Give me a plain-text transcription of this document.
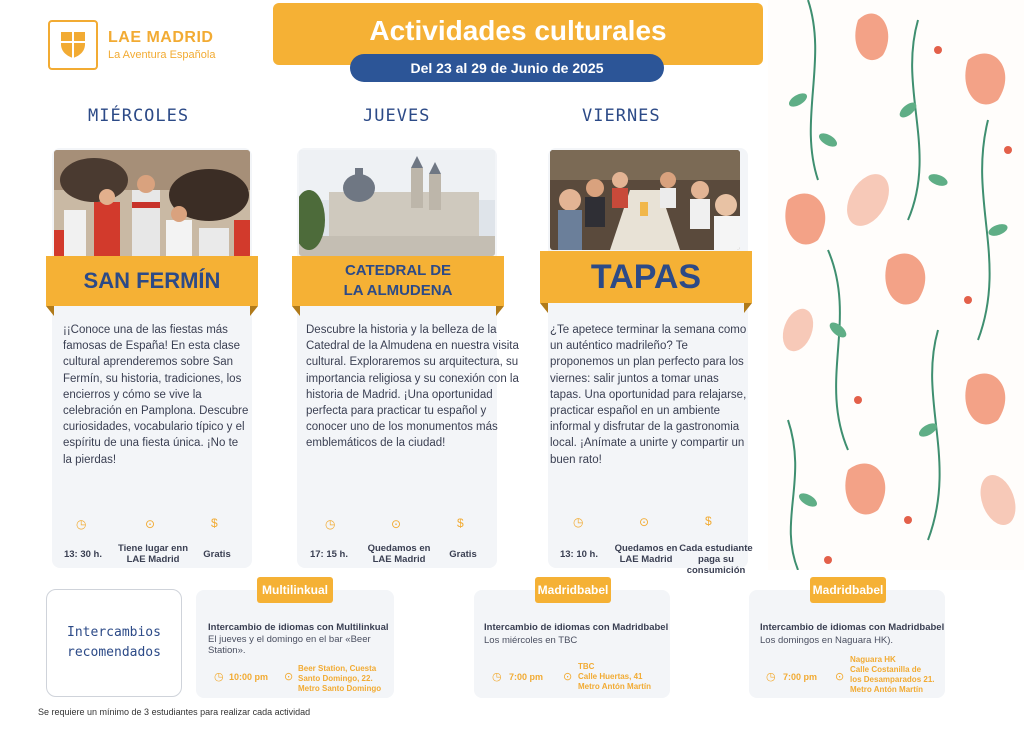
LAE MADRID
La Aventura Española
Actividades culturales
Del 23 al 29 de Junio de 2025
MIÉRCOLES	JUEVES	VIERNES
SAN FERMÍN
¡¡Conoce una de las fiestas más famosas de España! En esta clase cultural aprenderemos sobre San Fermín, su historia, tradiciones, los encierros y cómo se vive la celebración en Pamplona. Descubre curiosidades, vocabulario típico y el espíritu de una fiesta única. ¡No te la pierdas!
◷	⊙	$
13: 30 h.
Tiene lugar enn LAE Madrid	Gratis
CATEDRAL DE
LA ALMUDENA
Descubre la historia y la belleza de la Catedral de la Almudena en nuestra visita cultural. Exploraremos su arquitectura, su importancia religiosa y su conexión con la historia de Madrid. ¡Una oportunidad perfecta para practicar tu español y conocer uno de los monumentos más emblemáticos de la ciudad!
◷	⊙	$
17: 15 h.
Quedamos en LAE Madrid	Gratis
TAPAS
¿Te apetece terminar la semana como un auténtico madrileño? Te proponemos un plan perfecto para los viernes: salir juntos a tomar unas tapas. Una oportunidad para relajarse, practicar español en un ambiente informal y disfrutar de la gastronomia local. ¡Anímate a unirte y compartir un buen rato!
◷	⊙	$
13: 10 h.
Quedamos en LAE Madrid
Cada estudiante paga su consumición
Intercambios
recomendados
Multilinkual
Intercambio de idiomas con Multilinkual
El jueves y el domingo en el bar «Beer Station».
◷ 10:00 pm ⊙
Beer Station, Cuesta
Santo Domingo, 22.
Metro Santo Domingo
Madridbabel
Intercambio de idiomas con Madridbabel
Los miércoles en TBC
◷ 7:00 pm ⊙
TBC
Calle Huertas, 41
Metro Antón Martín
Madridbabel
Intercambio de idiomas con Madridbabel
Los domingos en Naguara HK).
◷ 7:00 pm ⊙
Naguara HK
Calle Costanilla de
los Desamparados 21.
Metro Antón Martín
Se requiere un mínimo de 3 estudiantes para realizar cada actividad
